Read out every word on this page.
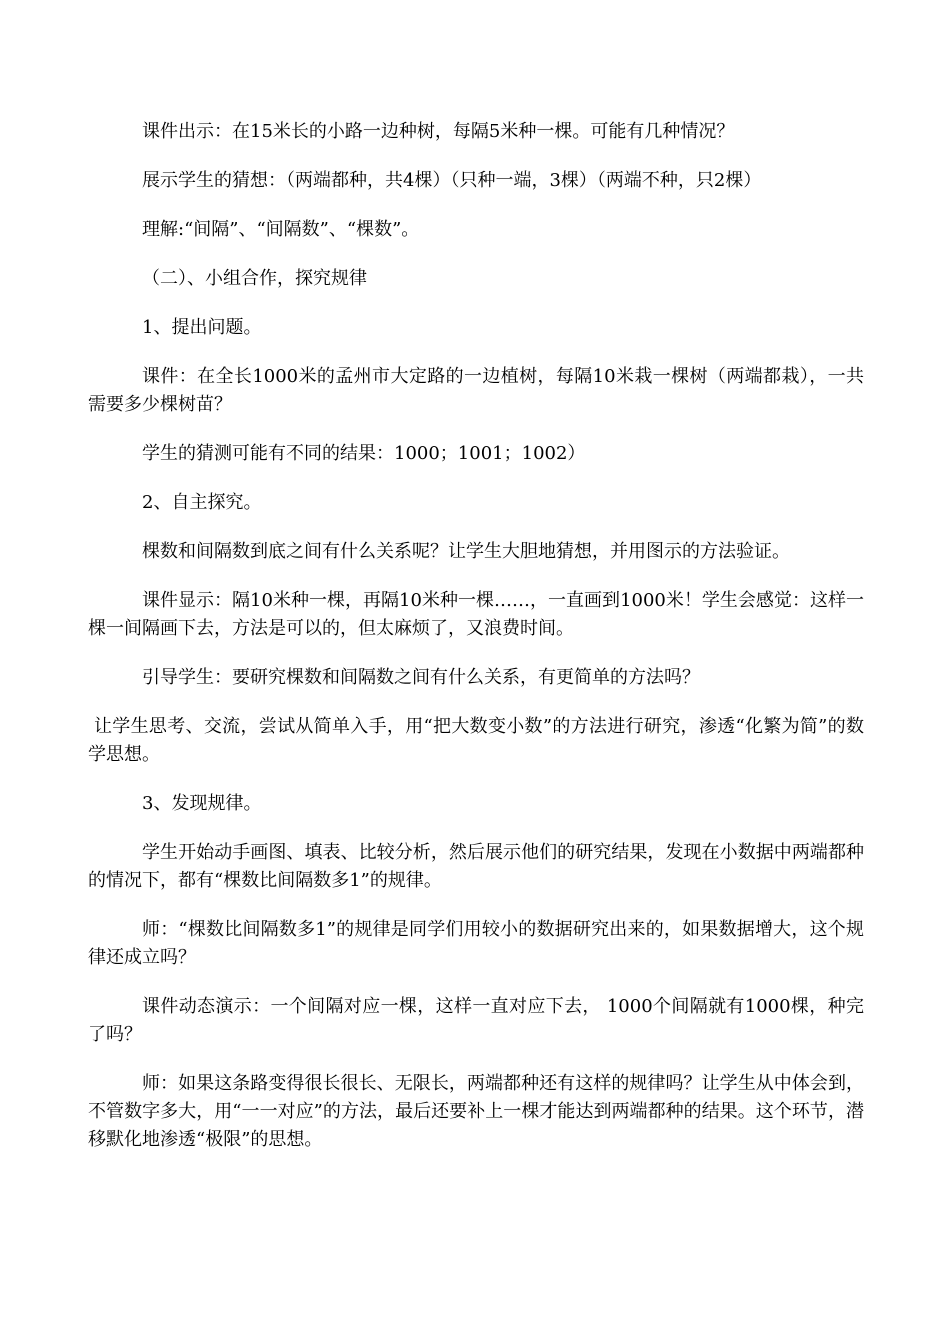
课件出示：在15米长的小路一边种树，每隔5米种一棵。可能有几种情况？

展示学生的猜想：（两端都种，共4棵）（只种一端，3棵）（两端不种，只2棵）

理解:“间隔”、“间隔数”、“棵数”。

（二）、小组合作，探究规律

1、提出问题。

课件：在全长1000米的孟州市大定路的一边植树，每隔10米栽一棵树（两端都栽），一共需要多少棵树苗？

学生的猜测可能有不同的结果：1000；1001；1002）

2、自主探究。

棵数和间隔数到底之间有什么关系呢？让学生大胆地猜想，并用图示的方法验证。

课件显示：隔10米种一棵，再隔10米种一棵……，一直画到1000米！学生会感觉：这样一棵一间隔画下去，方法是可以的，但太麻烦了，又浪费时间。

引导学生：要研究棵数和间隔数之间有什么关系，有更简单的方法吗？

让学生思考、交流，尝试从简单入手，用“把大数变小数”的方法进行研究，渗透“化繁为简”的数学思想。

3、发现规律。

学生开始动手画图、填表、比较分析，然后展示他们的研究结果，发现在小数据中两端都种的情况下，都有“棵数比间隔数多1”的规律。

师：“棵数比间隔数多1”的规律是同学们用较小的数据研究出来的，如果数据增大，这个规律还成立吗？

课件动态演示：一个间隔对应一棵，这样一直对应下去， 1000个间隔就有1000棵，种完了吗？

师：如果这条路变得很长很长、无限长，两端都种还有这样的规律吗？让学生从中体会到，不管数字多大，用“一一对应”的方法，最后还要补上一棵才能达到两端都种的结果。这个环节，潜移默化地渗透“极限”的思想。
